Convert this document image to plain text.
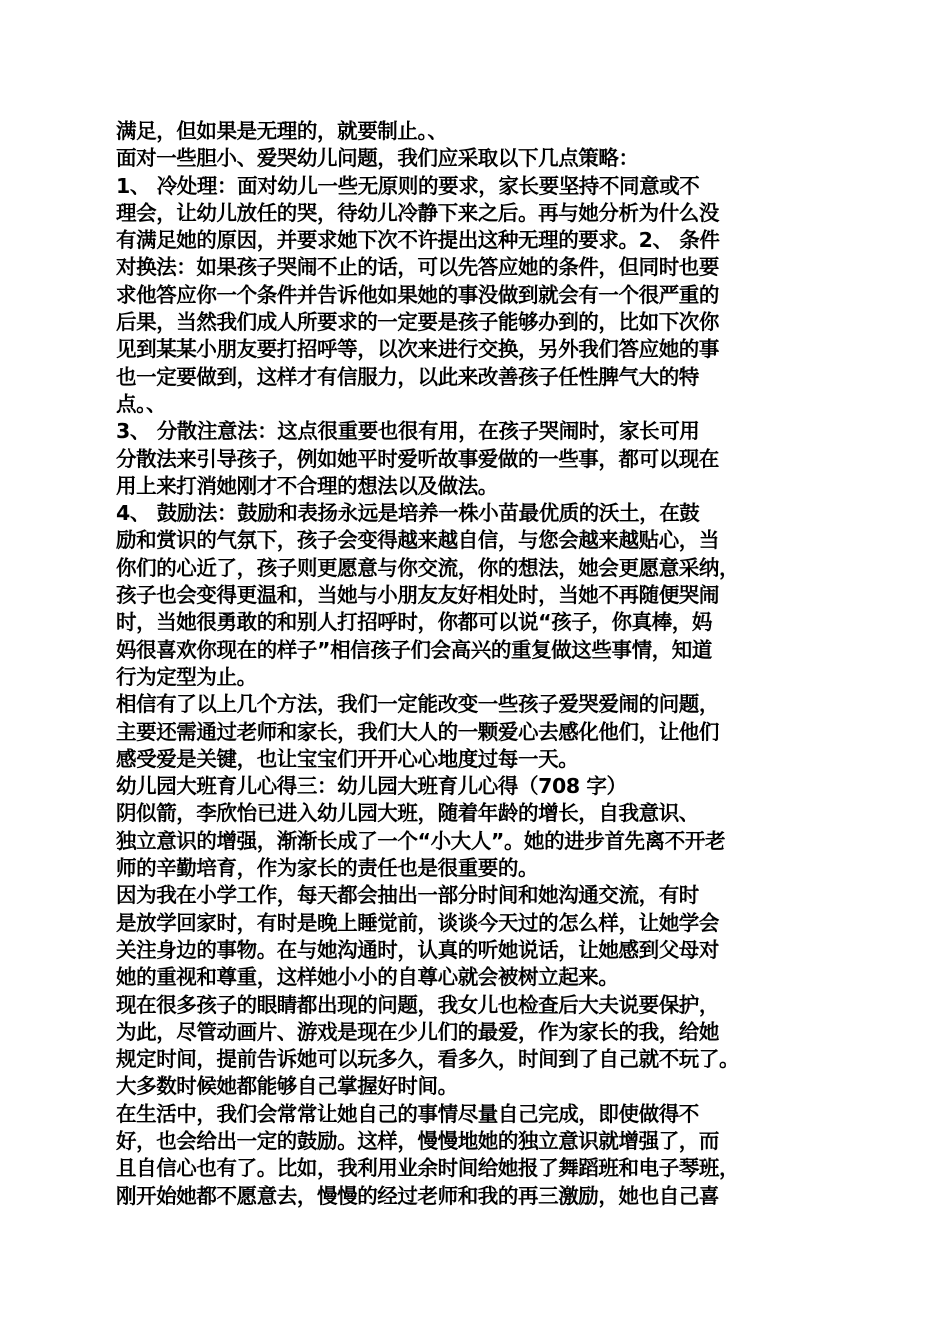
满足，但如果是无理的，就要制止。、
面对一些胆小、爱哭幼儿问题，我们应采取以下几点策略：
1、 冷处理：面对幼儿一些无原则的要求，家长要坚持不同意或不
理会，让幼儿放任的哭，待幼儿冷静下来之后。再与她分析为什么没
有满足她的原因，并要求她下次不许提出这种无理的要求。2、 条件
对换法：如果孩子哭闹不止的话，可以先答应她的条件，但同时也要
求他答应你一个条件并告诉他如果她的事没做到就会有一个很严重的
后果，当然我们成人所要求的一定要是孩子能够办到的，比如下次你
见到某某小朋友要打招呼等，以次来进行交换，另外我们答应她的事
也一定要做到，这样才有信服力，以此来改善孩子任性脾气大的特
点。、
3、 分散注意法：这点很重要也很有用，在孩子哭闹时，家长可用
分散法来引导孩子，例如她平时爱听故事爱做的一些事，都可以现在
用上来打消她刚才不合理的想法以及做法。
4、 鼓励法：鼓励和表扬永远是培养一株小苗最优质的沃土，在鼓
励和赏识的气氛下，孩子会变得越来越自信，与您会越来越贴心，当
你们的心近了，孩子则更愿意与你交流，你的想法，她会更愿意采纳，
孩子也会变得更温和，当她与小朋友友好相处时，当她不再随便哭闹
时，当她很勇敢的和别人打招呼时，你都可以说“孩子，你真棒，妈
妈很喜欢你现在的样子”相信孩子们会高兴的重复做这些事情，知道
行为定型为止。
相信有了以上几个方法，我们一定能改变一些孩子爱哭爱闹的问题，
主要还需通过老师和家长，我们大人的一颗爱心去感化他们，让他们
感受爱是关键，也让宝宝们开开心心地度过每一天。
幼儿园大班育儿心得三：幼儿园大班育儿心得（708 字）
阴似箭，李欣怡已进入幼儿园大班，随着年龄的增长，自我意识、
独立意识的增强，渐渐长成了一个“小大人”。她的进步首先离不开老
师的辛勤培育，作为家长的责任也是很重要的。
因为我在小学工作，每天都会抽出一部分时间和她沟通交流，有时
是放学回家时，有时是晚上睡觉前，谈谈今天过的怎么样，让她学会
关注身边的事物。在与她沟通时，认真的听她说话，让她感到父母对
她的重视和尊重，这样她小小的自尊心就会被树立起来。
现在很多孩子的眼睛都出现的问题，我女儿也检查后大夫说要保护，
为此，尽管动画片、游戏是现在少儿们的最爱，作为家长的我，给她
规定时间，提前告诉她可以玩多久，看多久，时间到了自己就不玩了。
大多数时候她都能够自己掌握好时间。
在生活中，我们会常常让她自己的事情尽量自己完成，即使做得不
好，也会给出一定的鼓励。这样，慢慢地她的独立意识就增强了，而
且自信心也有了。比如，我利用业余时间给她报了舞蹈班和电子琴班，
刚开始她都不愿意去，慢慢的经过老师和我的再三激励，她也自己喜
